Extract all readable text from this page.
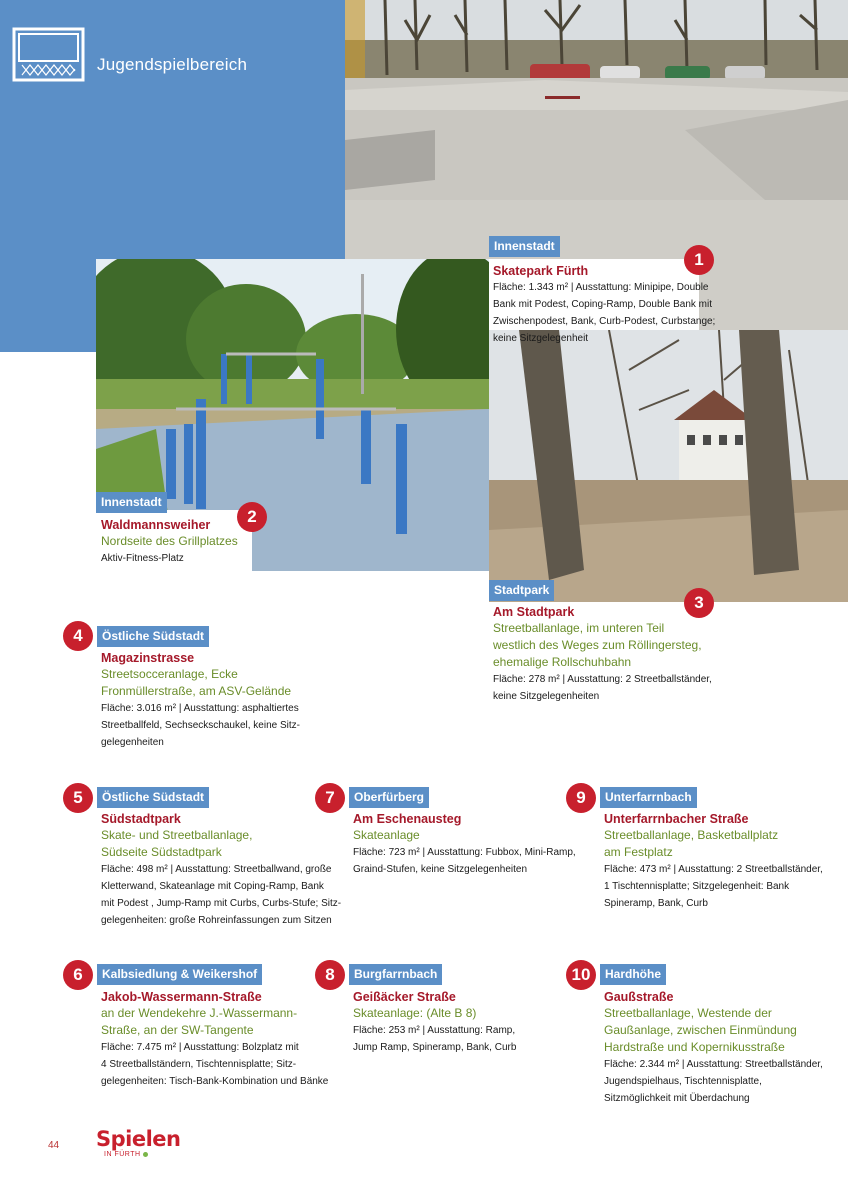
Jugendspielbereich
Innenstadt
1
Skatepark Fürth
Fläche: 1.343 m² | Ausstattung: Minipipe, Double
Bank mit Podest, Coping-Ramp, Double Bank mit
Zwischenpodest, Bank, Curb-Podest, Curbstange;
keine Sitzgelegenheit
Innenstadt
2
Waldmannsweiher
Nordseite des Grillplatzes
Aktiv-Fitness-Platz
Stadtpark
3
Am Stadtpark
Streetballanlage, im unteren Teil
westlich des Weges zum Röllingersteg,
ehemalige Rollschuhbahn
Fläche: 278 m² | Ausstattung: 2 Streetballständer,
keine Sitzgelegenheiten
4	Östliche Südstadt
Magazinstrasse
Streetsocceranlage, Ecke
Fronmüllerstraße, am ASV-Gelände
Fläche: 3.016 m² | Ausstattung: asphaltiertes
Streetballfeld, Sechseckschaukel, keine Sitz-
gelegenheiten
5	Östliche Südstadt
Südstadtpark
Skate- und Streetballanlage,
Südseite Südstadtpark
Fläche: 498 m² | Ausstattung: Streetballwand, große
Kletterwand, Skateanlage mit Coping-Ramp, Bank
mit Podest , Jump-Ramp mit Curbs, Curbs-Stufe; Sitz-
gelegenheiten: große Rohreinfassungen zum Sitzen
6	Kalbsiedlung & Weikershof
Jakob-Wassermann-Straße
an der Wendekehre J.-Wassermann-
Straße, an der SW-Tangente
Fläche: 7.475 m² | Ausstattung: Bolzplatz mit
4 Streetballständern, Tischtennisplatte; Sitz-
gelegenheiten: Tisch-Bank-Kombination und Bänke
7	Oberfürberg
Am Eschenausteg
Skateanlage
Fläche: 723 m² | Ausstattung: Fubbox, Mini-Ramp,
Graind-Stufen, keine Sitzgelegenheiten
8	Burgfarrnbach
Geißäcker Straße
Skateanlage: (Alte B 8)
Fläche: 253 m² | Ausstattung: Ramp,
Jump Ramp, Spineramp, Bank, Curb
9	Unterfarrnbach
Unterfarrnbacher Straße
Streetballanlage, Basketballplatz
am Festplatz
Fläche: 473 m² | Ausstattung: 2 Streetballständer,
1 Tischtennisplatte; Sitzgelegenheit: Bank
Spineramp, Bank, Curb
10	Hardhöhe
Gaußstraße
Streetballanlage, Westende der
Gaußanlage, zwischen Einmündung
Hardstraße und Kopernikusstraße
Fläche: 2.344 m² | Ausstattung: Streetballständer,
Jugendspielhaus, Tischtennisplatte,
Sitzmöglichkeit mit Überdachung
44 Spielen
IN FÜRTH
